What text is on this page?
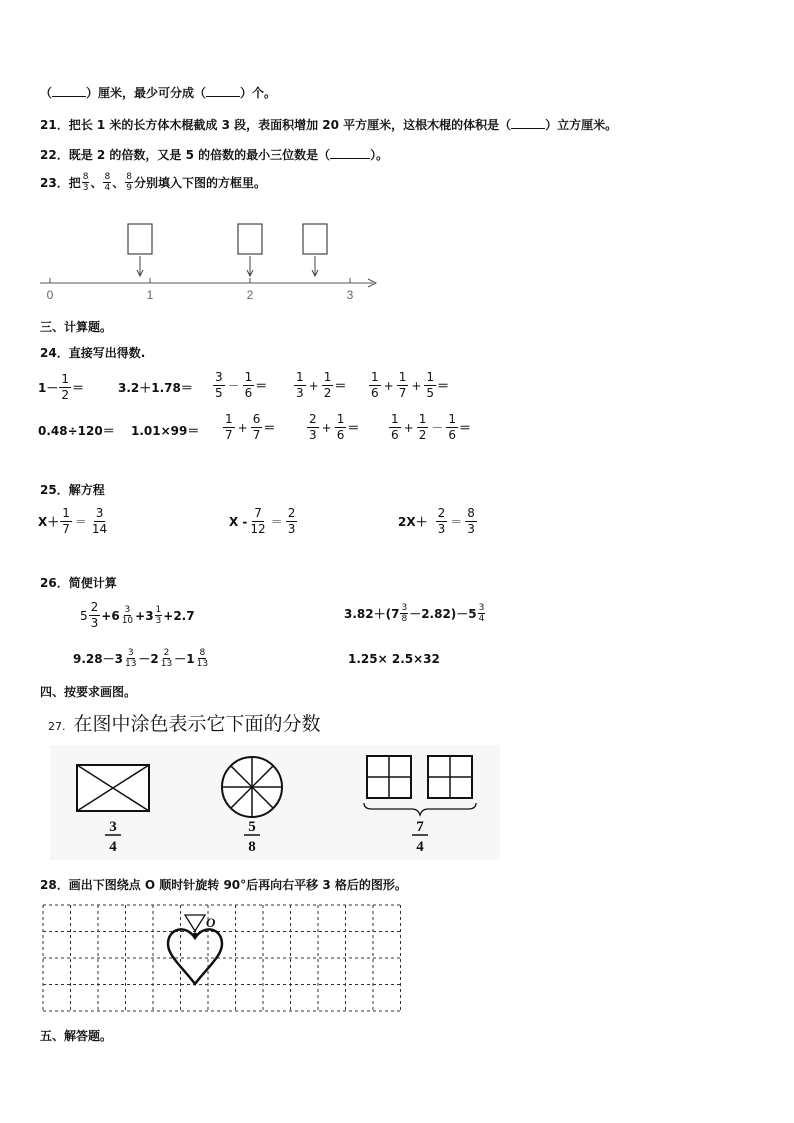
（	）厘米，最少可分成（	）个。
21．把长 1 米的长方体木棍截成 3 段，表面积增加 20 平方厘米，这根木棍的体积是（	）立方厘米。
22．既是 2 的倍数，又是 5 的倍数的最小三位数是（	）。
23． 把 $\frac{8}{3}$ 、 $\frac{8}{4}$ 、 $\frac{8}{9}$ 分别填入下图的方框里。
0	1	2	3
三、计算题。
24．直接写出得数.
$1- \frac{1}{2}$ ＝	$3.2+1.78= \frac{3}{5} - \frac{1}{6} = \frac{1}{3} + \frac{1}{2} = \frac{1}{6} + \frac{1}{7} + \frac{1}{5}$ ＝
$0.48\div 120= 1.01\times 99= \frac{1}{7} + \frac{6}{7}$ ＝	$\frac{2}{3} + \frac{1}{6} = \frac{1}{6} + \frac{1}{2} - \frac{1}{6}$ ＝
25．解方程
$X+ \frac{1}{7} = \frac{3}{14}$	$X - \frac{7}{12} = \frac{2}{3}$	$2X+ \frac{2}{3} = \frac{8}{3}$
26．简便计算
$5 \frac{2}{3} +6 \frac{3}{10} +3 \frac{1}{3} +2.7$	$3.82+(7 \frac{3}{8} -2.82)-5 \frac{3}{4}$
$9.28-3 \frac{3}{13} -2 \frac{2}{13} -1 \frac{8}{13}$	1.25× 2.5×32
四、按要求画图。
27. 在图中涂色表示它下面的分数
3
4
5
8
7
4
28．画出下图绕点 O 顺时针旋转 90°后再向右平移 3 格后的图形。
O
五、解答题。
